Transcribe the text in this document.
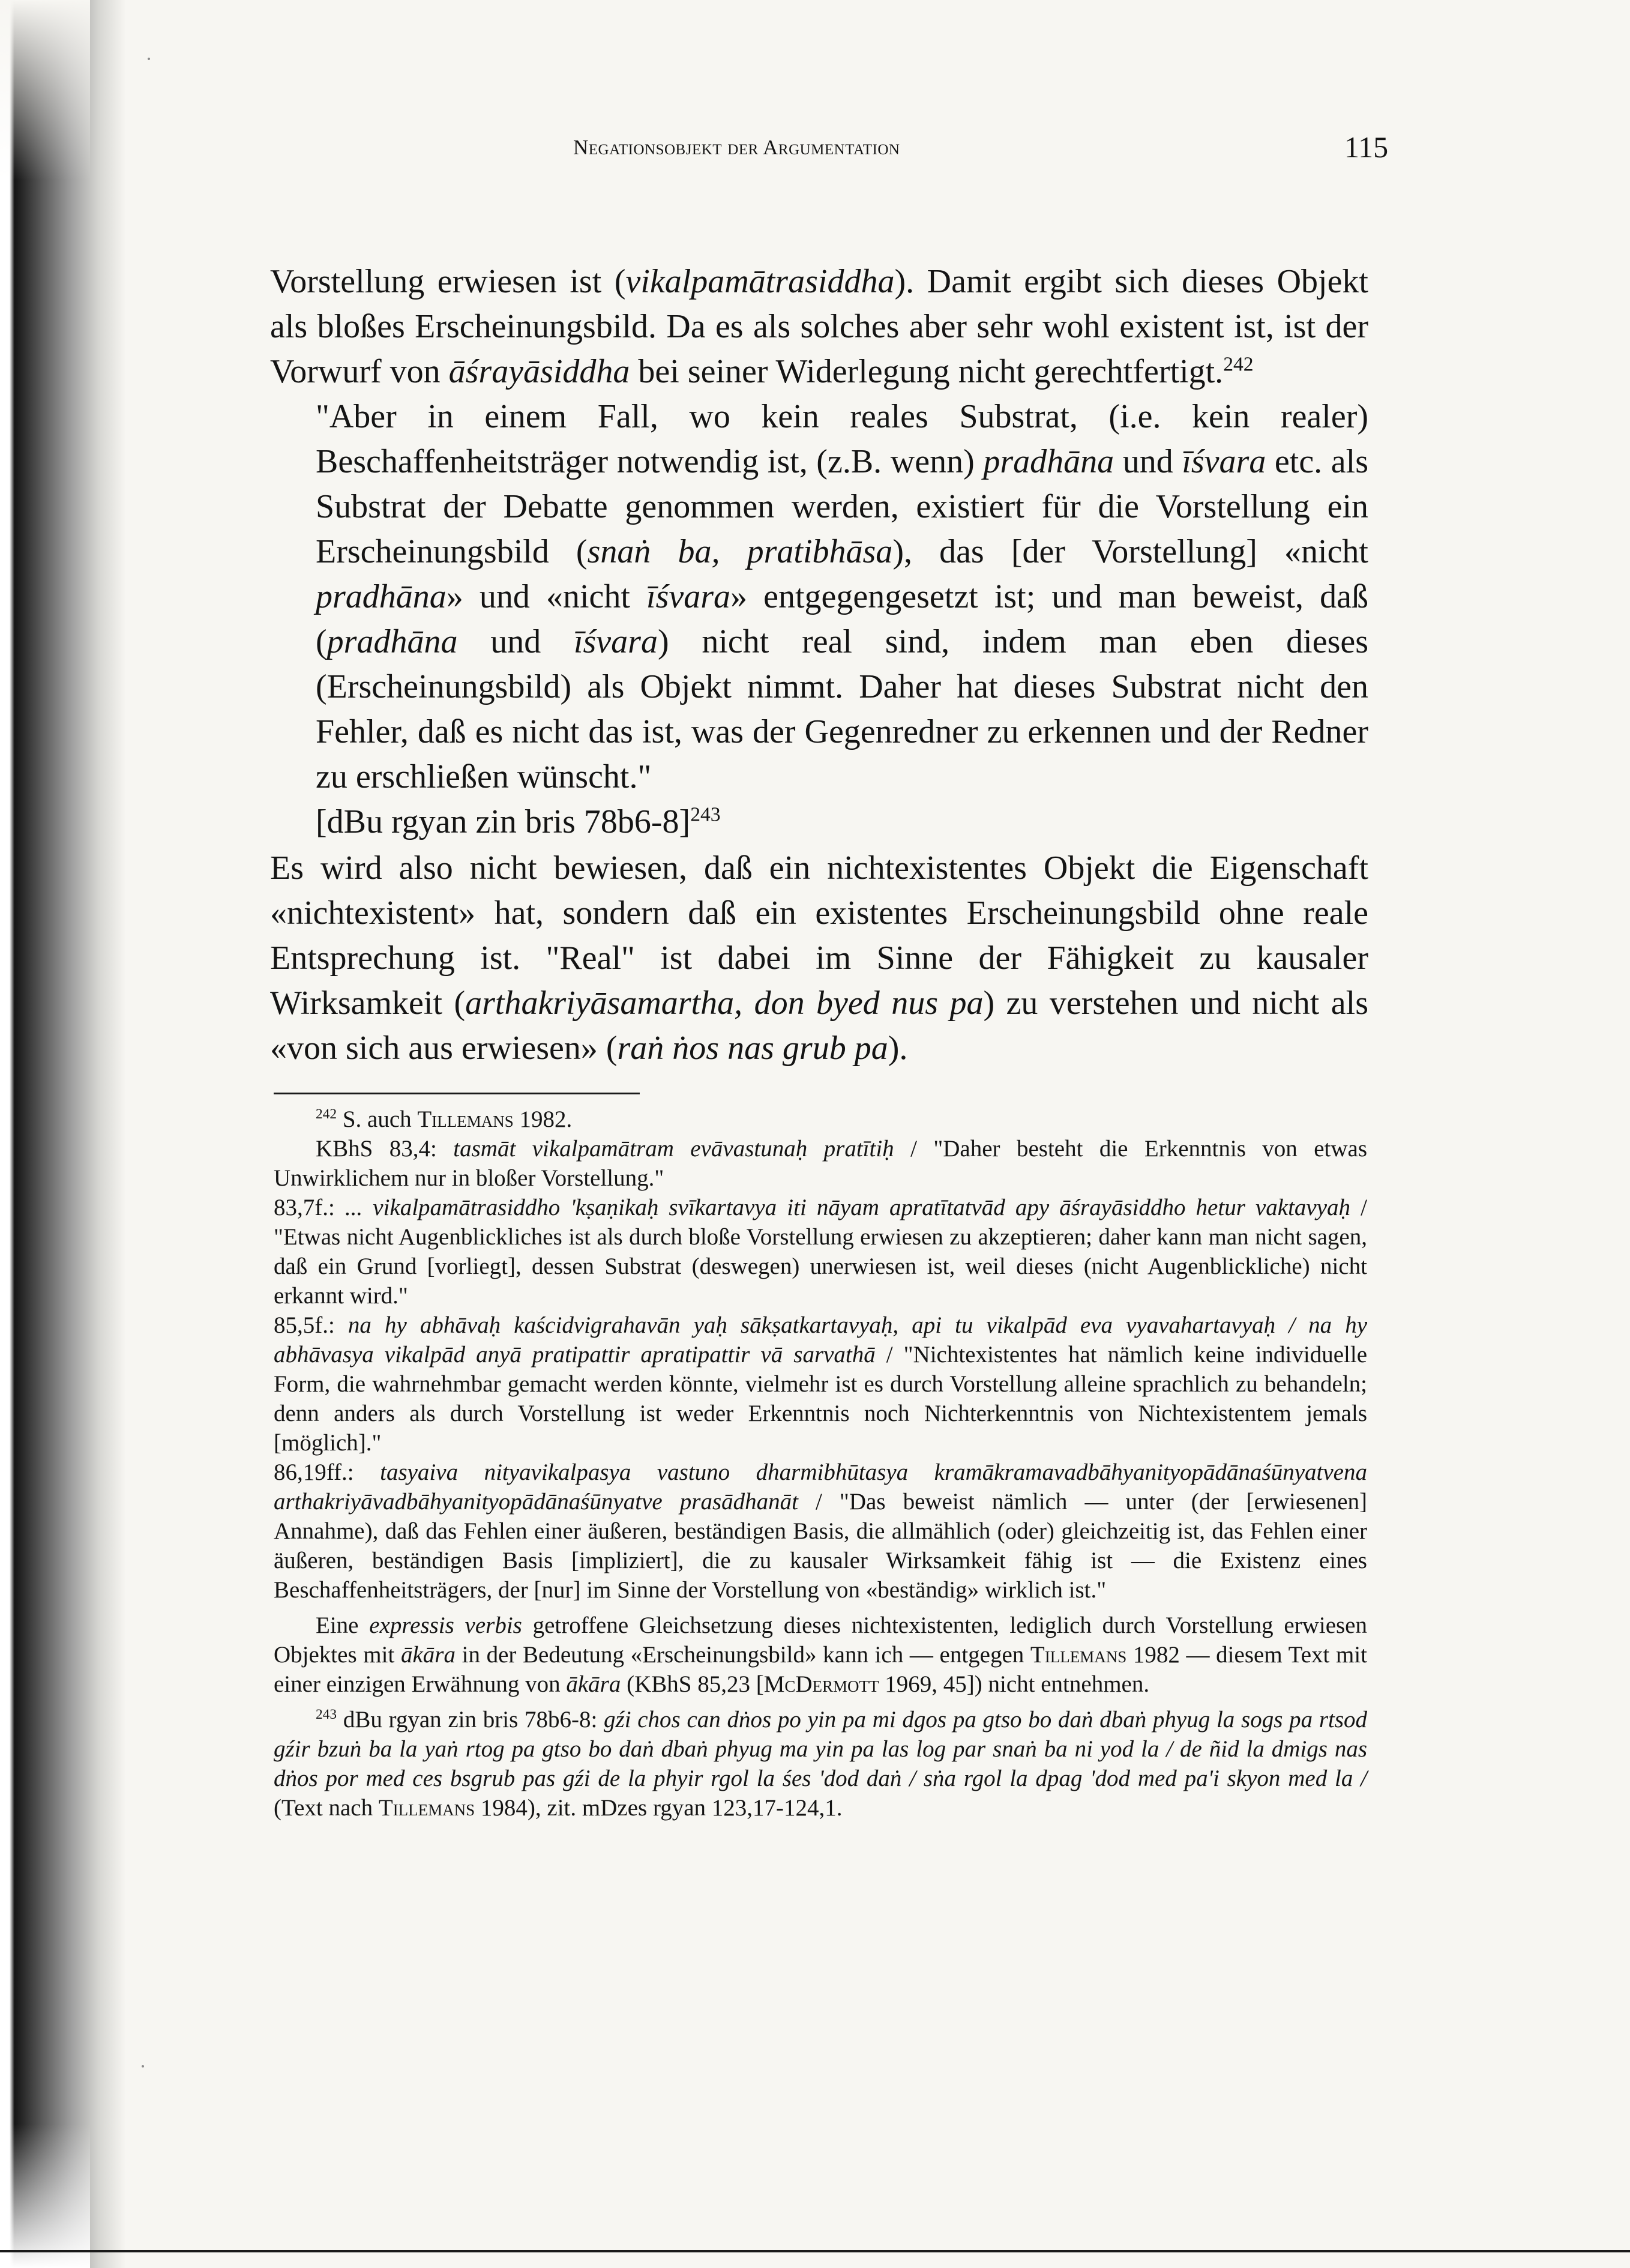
Negationsobjekt der Argumentation	115

Vorstellung erwiesen ist (vikalpamātrasiddha). Damit ergibt sich dieses Objekt als bloßes Erscheinungsbild. Da es als solches aber sehr wohl existent ist, ist der Vorwurf von āśrayāsiddha bei seiner Widerlegung nicht gerechtfertigt.$^{242}$

"Aber in einem Fall, wo kein reales Substrat, (i.e. kein realer) Beschaffenheitsträger notwendig ist, (z.B. wenn) pradhāna und īśvara etc. als Substrat der Debatte genommen werden, existiert für die Vorstellung ein Erscheinungsbild (snaṅ ba, pratibhāsa), das [der Vorstellung] «nicht pradhāna» und «nicht īśvara» entgegengesetzt ist; und man beweist, daß (pradhāna und īśvara) nicht real sind, indem man eben dieses (Erscheinungsbild) als Objekt nimmt. Daher hat dieses Substrat nicht den Fehler, daß es nicht das ist, was der Gegenredner zu erkennen und der Redner zu erschließen wünscht."
[dBu rgyan zin bris 78b6-8]$^{243}$

Es wird also nicht bewiesen, daß ein nichtexistentes Objekt die Eigenschaft «nichtexistent» hat, sondern daß ein existentes Erscheinungsbild ohne reale Entsprechung ist. "Real" ist dabei im Sinne der Fähigkeit zu kausaler Wirksamkeit (arthakriyāsamartha, don byed nus pa) zu verstehen und nicht als «von sich aus erwiesen» (raṅ ṅos nas grub pa).

$^{242}$ S. auch Tillemans 1982.

KBhS 83,4: tasmāt vikalpamātram evāvastunaḥ pratītiḥ / "Daher besteht die Erkenntnis von etwas Unwirklichem nur in bloßer Vorstellung."

83,7f.: ... vikalpamātrasiddho 'kṣaṇikaḥ svīkartavya iti nāyam apratītatvād apy āśrayāsiddho hetur vaktavyaḥ / "Etwas nicht Augenblickliches ist als durch bloße Vorstellung erwiesen zu akzeptieren; daher kann man nicht sagen, daß ein Grund [vorliegt], dessen Substrat (deswegen) unerwiesen ist, weil dieses (nicht Augenblickliche) nicht erkannt wird."

85,5f.: na hy abhāvaḥ kaścidvigrahavān yaḥ sākṣatkartavyaḥ, api tu vikalpād eva vyavahartavyaḥ / na hy abhāvasya vikalpād anyā pratipattir apratipattir vā sarvathā / "Nichtexistentes hat nämlich keine individuelle Form, die wahrnehmbar gemacht werden könnte, vielmehr ist es durch Vorstellung alleine sprachlich zu behandeln; denn anders als durch Vorstellung ist weder Erkenntnis noch Nichterkenntnis von Nichtexistentem jemals [möglich]."

86,19ff.: tasyaiva nityavikalpasya vastuno dharmibhūtasya kramākramavadbāhyanityopādānaśūnyatvena arthakriyāvadbāhyanityopādānaśūnyatve prasādhanāt / "Das beweist nämlich — unter (der [erwiesenen] Annahme), daß das Fehlen einer äußeren, beständigen Basis, die allmählich (oder) gleichzeitig ist, das Fehlen einer äußeren, beständigen Basis [impliziert], die zu kausaler Wirksamkeit fähig ist — die Existenz eines Beschaffenheitsträgers, der [nur] im Sinne der Vorstellung von «beständig» wirklich ist."

Eine expressis verbis getroffene Gleichsetzung dieses nichtexistenten, lediglich durch Vorstellung erwiesen Objektes mit ākāra in der Bedeutung «Erscheinungsbild» kann ich — entgegen Tillemans 1982 — diesem Text mit einer einzigen Erwähnung von ākāra (KBhS 85,23 [McDermott 1969, 45]) nicht entnehmen.

$^{243}$ dBu rgyan zin bris 78b6-8: gźi chos can dṅos po yin pa mi dgos pa gtso bo daṅ dbaṅ phyug la sogs pa rtsod gźir bzuṅ ba la yaṅ rtog pa gtso bo daṅ dbaṅ phyug ma yin pa las log par snaṅ ba ni yod la / de ñid la dmigs nas dṅos por med ces bsgrub pas gźi de la phyir rgol la śes 'dod daṅ / sṅa rgol la dpag 'dod med pa'i skyon med la / (Text nach Tillemans 1984), zit. mDzes rgyan 123,17-124,1.
